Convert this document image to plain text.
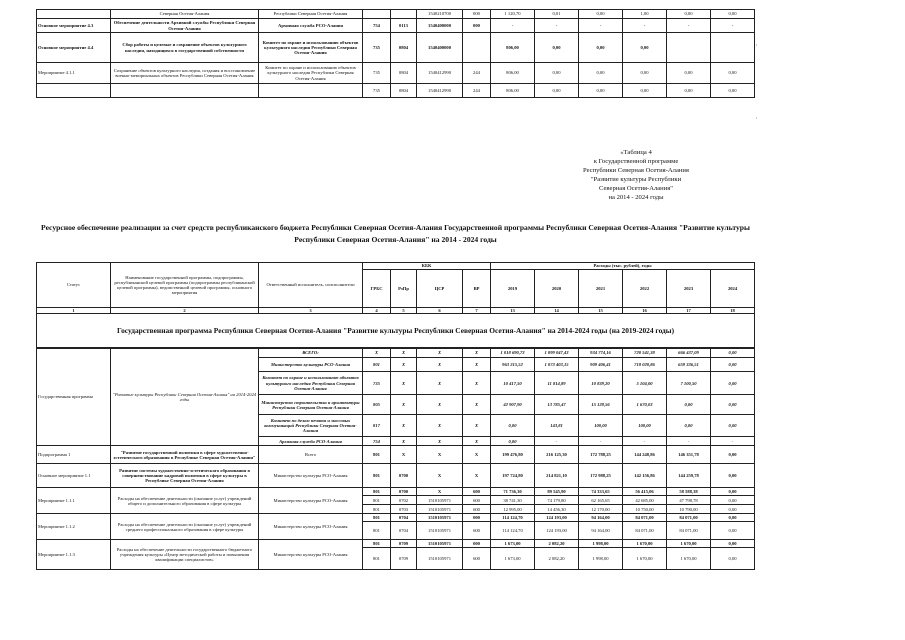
	Северная Осетия-Алания	Республики Северная Осетия-Алания			1540210700	000	1 120,70	0,01	0,00	1,00	0,00	0,00
Основное мероприятие 4.3	Обеспечение деятельности Архивной службы Республики Северная Осетия-Алания	Архивная служба РСО-Алания	754	0113	1540400000	000	-	-	-	-	-	-
Основное мероприятие 4.4	Сбор работы и целевые и сохранение объектов культурного наследия, находящихся в государственной собственности	Комитет по охране и использованию объектов культурного наследия Республики Северная Осетия-Алания	735	0804	1540400000		806,00	0,00	0,00	0,00		
Мероприятие 4.1.1	Сохранение объектов культурного наследия, создания и восстановление военно-мемориальных объектов Республики Северная Осетия-Алания	Комитет по охране и использованию объектов культурного наследия Республики Северная Осетия-Алания	735	0804	1540412990	244	806,00	0,00	0,00	0,00	0,00	0,00
			735	0804	1540412990	244	806,00	0,00	0,00	0,00	0,00	0,00
,
,
«Таблица 4
к Государственной программе
Республики Северная Осетия-Алания
"Развитие культуры Республики
Северная Осетия-Алания"
на 2014 - 2024 годы
Ресурсное обеспечение реализации за счет средств республиканского бюджета Республики Северная Осетия-Алания Государственной программы Республики Северная Осетия-Алания "Развитие культуры Республики Северная Осетия-Алания" на 2014 - 2024 годы
Статус	Наименование государственной программы, подпрограммы, республиканской целевой программы (подпрограммы республиканской целевой программы), ведомственной целевой программы, основного мероприятия	Ответственный исполнитель, соисполнители	КБК				Расходы (тыс. рублей), годы					
			ГРБС	РзПр	ЦСР	ВР	2019	2020	2021	2022	2023	2024
1	2	3	4	5	6	7	13	14	15	16	17	18
Государственная программа Республики Северная Осетия-Алания "Развитие культуры Республики Северная Осетия-Алания" на 2014-2024 годы (на 2019-2024 годы)												
Государственная программа	"Развитие культуры Республики Северная Осетия-Алания" на 2014-2024 годы	ВСЕГО:	Х	Х	Х	Х	1 018 690,73	1 099 047,43	934 774,16	720 541,38	666 437,09	0,00
		Министерство культуры РСО-Алания	801	Х	Х	Х	963 215,52	1 073 403,15	909 406,41	718 020,86	659 336,51	0,00
		Комитет по охране и использованию объектов культурного наследия Республики Северная Осетия-Алания	735	Х	Х	Х	10 417,50	11 814,89	10 839,20	5 104,00	7 100,50	0,00
		Министерство строительства и архитектуры Республики Северная Осетия-Алания	805	Х	Х	Х	42 907,90	13 785,47	15 128,56	1 670,03	0,00	0,00
		Комитет по делам печати и массовых коммуникаций Республики Северная Осетия-Алания	817	Х	Х	Х	0,00	143,81	100,00	100,00	0,00	0,00
		Архивная служба РСО-Алания	754	Х	Х	Х	0,00	-	-	-	-	-
Подпрограмма 1	"Развитие государственной политики в сфере художественно-эстетического образования в Республике Северная Осетия-Алания"	Всего	801	Х	Х	Х	199 476,80	216 125,30	172 788,25	144 248,86	146 351,78	0,00
Основное мероприятие 1.1	Развитие системы художественно-эстетического образования в совершенствование кадровой политики в сфере культуры в Республике Северная Осетия-Алания	Министерство культуры РСО-Алания	801	0700	Х	Х	197 724,80	214 821,10	172 988,25	142 156,86	144 259,78	0,00
Мероприятие 1.1.1	Расходы на обеспечение деятельности (оказание услуг) учреждений общего и дополнительного образования в сфере культуры	Министерство культуры РСО-Алания	801	0700	Х	600	71 736,30	89 545,90	74 333,65	56 415,06	58 588,38	0,00
			801	0702	1510105971	600	38 741,30	74 179,80	62 165,65	42 685,00	47 798,78	0,00
			801	0703	1510105971	600	12 995,00	14 456,30	12 170,00	10 750,00	10 790,00	0,00
Мероприятие 1.1.2	Расходы на обеспечение деятельности (оказание услуг) учреждений среднего профессионального образования в сфере культуры	Министерство культуры РСО-Алания	801	0704	1510105971	000	114 124,70	124 193,00	94 164,00	84 071,00	84 071,00	0,00
			801	0704	1510105971	600	114 124,70	124 193,00	94 164,00	84 071,00	84 071,00	0,00
Мероприятие 1.1.3	Расходы на обеспечение деятельности государственного бюджетного учреждения культуры «Центр методической работы и повышения квалификации специалистов»	Министерство культуры РСО-Алания	801	0709	1510105971	000	1 673,00	2 082,20	1 998,00	1 670,00	1 670,00	0,00
			801	0709	1510105971	600	1 673,00	2 082,20	1 998,00	1 670,00	1 670,00	0,00
